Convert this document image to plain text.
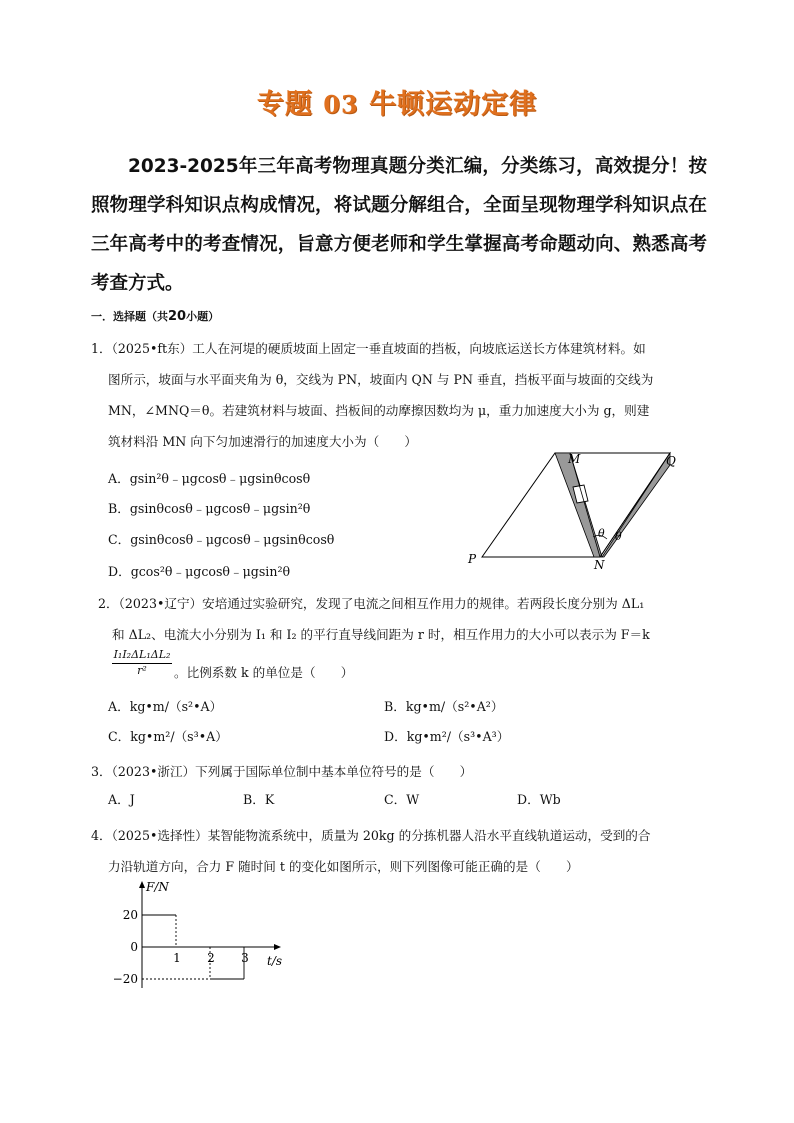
专题 03 牛顿运动定律
2023-2025年三年高考物理真题分类汇编，分类练习，高效提分！按照物理学科知识点构成情况，将试题分解组合，全面呈现物理学科知识点在三年高考中的考查情况，旨意方便老师和学生掌握高考命题动向、熟悉高考考查方式。
一．选择题（共20小题）
1．（2025•ft东）工人在河堤的硬质坡面上固定一垂直坡面的挡板，向坡底运送长方体建筑材料。如
图所示，坡面与水平面夹角为 θ，交线为 PN，坡面内 QN 与 PN 垂直，挡板平面与坡面的交线为
MN，∠MNQ＝θ。若建筑材料与坡面、挡板间的动摩擦因数均为 μ，重力加速度大小为 g，则建
筑材料沿 MN 向下匀加速滑行的加速度大小为（　　）
A．gsin²θ﹣μgcosθ﹣μgsinθcosθ
B．gsinθcosθ﹣μgcosθ﹣μgsin²θ
C．gsinθcosθ﹣μgcosθ﹣μgsinθcosθ
D．gcos²θ﹣μgcosθ﹣μgsin²θ
M	Q
P	N
θ θ
2．（2023•辽宁）安培通过实验研究，发现了电流之间相互作用力的规律。若两段长度分别为 ΔL₁
和 ΔL₂、电流大小分别为 I₁ 和 I₂ 的平行直导线间距为 r 时，相互作用力的大小可以表示为 F＝k
$\frac{\text{I₁I₂ΔL₁ΔL₂}}{\text{r²}}$ 。比例系数 k 的单位是（　　）
A．kg•m/（s²•A）	B．kg•m/（s²•A²）
C．kg•m²/（s³•A）	D．kg•m²/（s³•A³）
3．（2023•浙江）下列属于国际单位制中基本单位符号的是（　　）
A．J	B．K	C．W	D．Wb
4．（2025•选择性）某智能物流系统中，质量为 20kg 的分拣机器人沿水平直线轨道运动，受到的合
力沿轨道方向，合力 F 随时间 t 的变化如图所示，则下列图像可能正确的是（　　）
F/N
t/s
20
0
−20
1 2 3
